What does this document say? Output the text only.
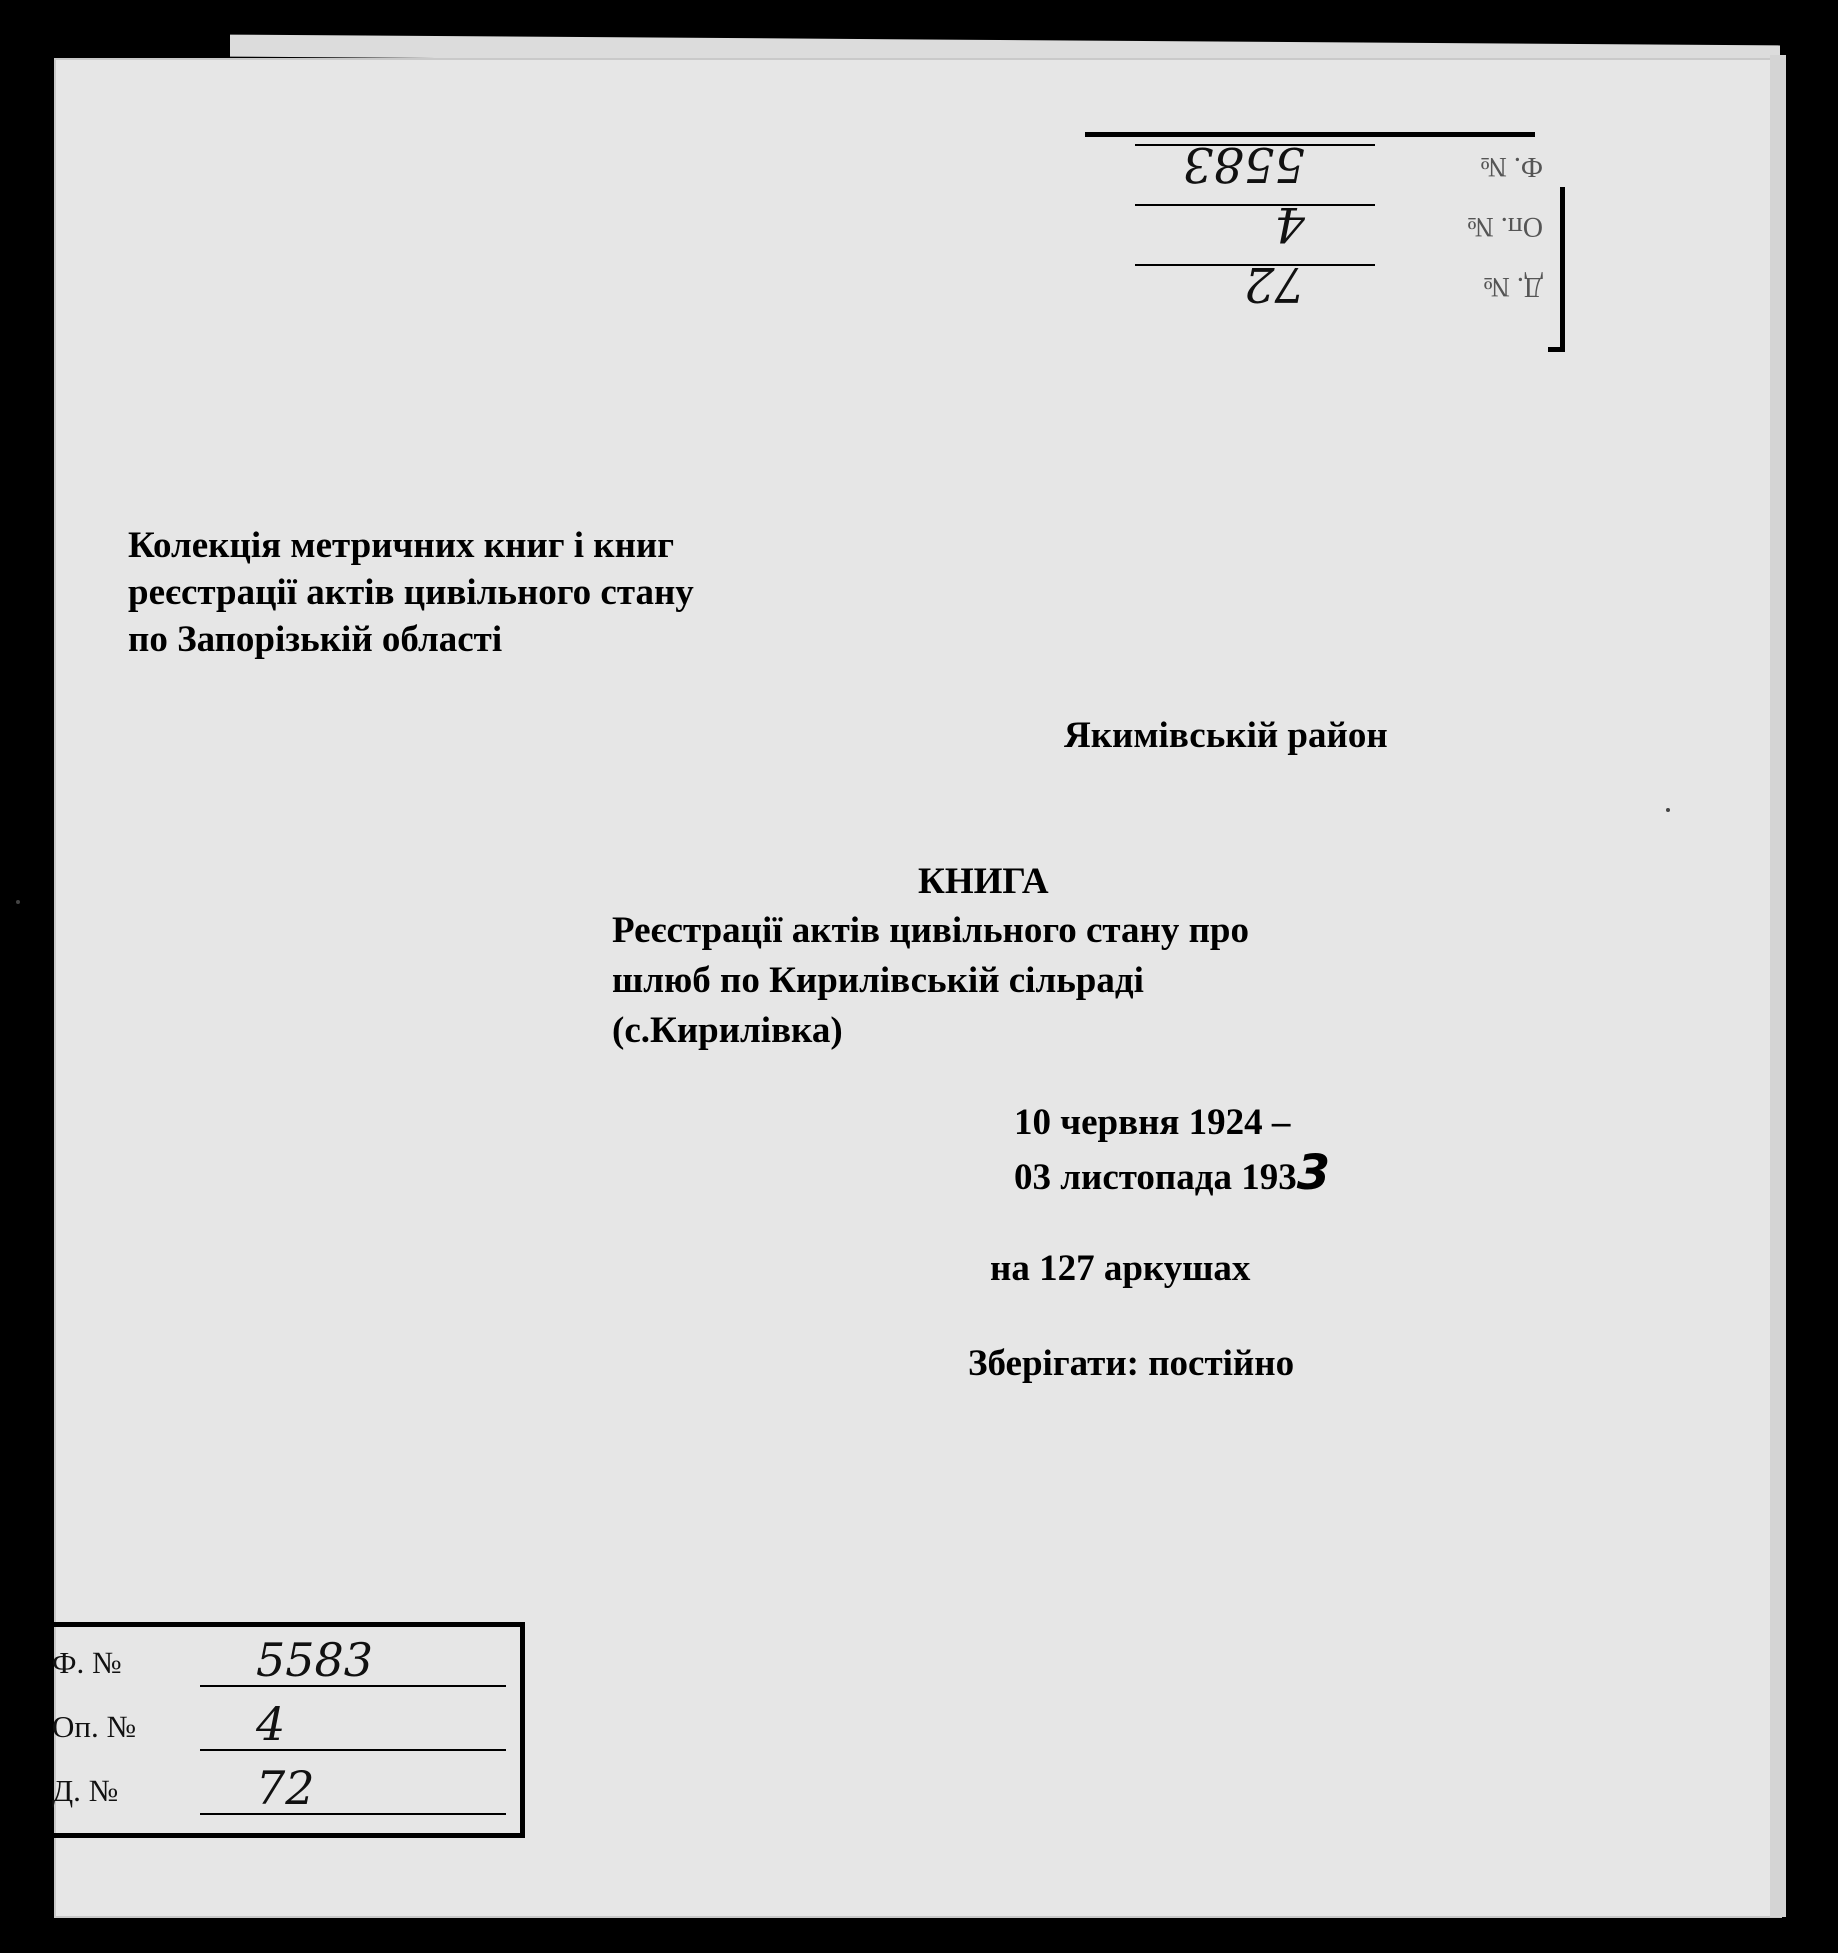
Д. №
72
Оп. №
4
Ф. №
5583
Колекція метричних книг і книг
реєстрації актів цивільного стану
по Запорізькій області
Якимівській район
КНИГА
Реєстрації актів цивільного стану про
шлюб по Кирилівській сільраді
(с.Кирилівка)
10 червня 1924 –
03 листопада 1933
на 127 аркушах
Зберігати: постійно
Ф. №	5583
Оп. №	4
Д. №	72
